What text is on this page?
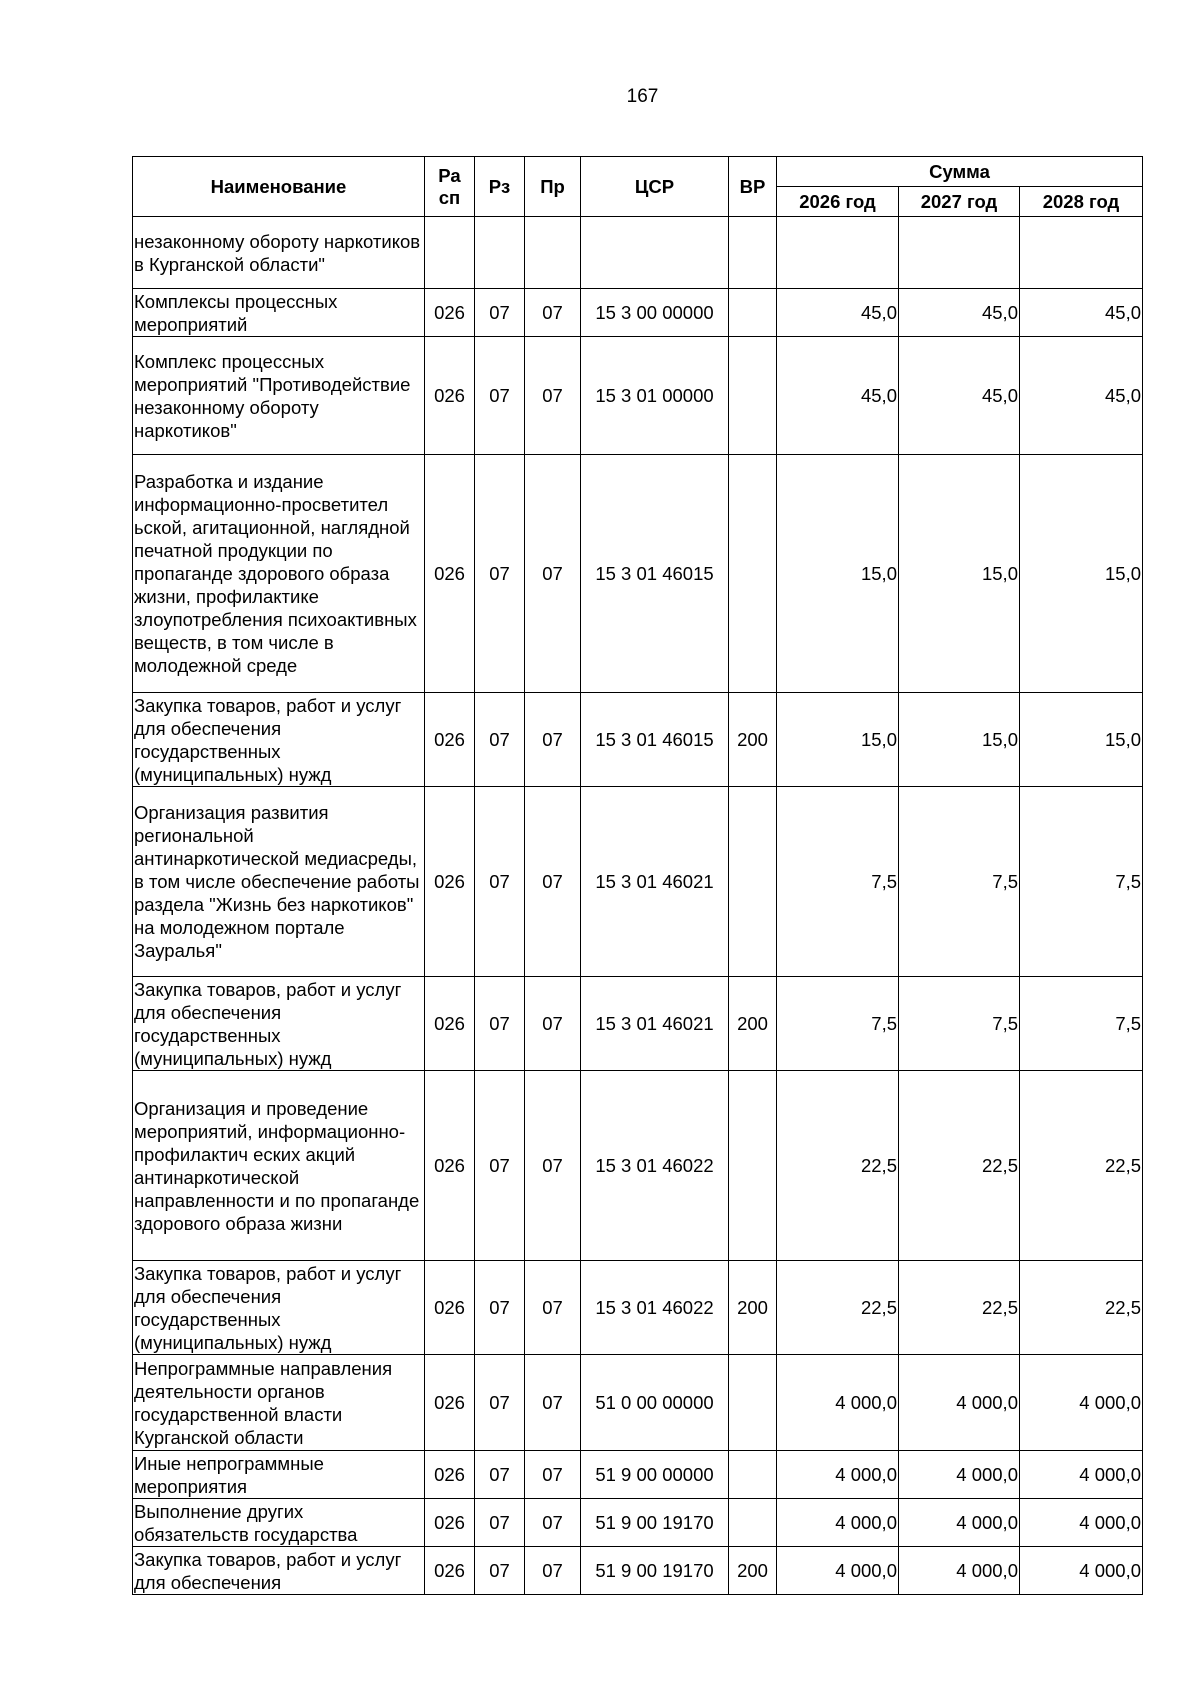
167
Наименование	Ра сп	Рз	Пр	ЦСР	ВР	Сумма		
						2026 год	2027 год	2028 год
незаконному обороту наркотиков в Курганской области"								
Комплексы процессных мероприятий	026	07	07	15 3 00 00000		45,0	45,0	45,0
Комплекс процессных мероприятий "Противодействие незаконному обороту наркотиков"	026	07	07	15 3 01 00000		45,0	45,0	45,0
Разработка и издание информационно-просветител ьской, агитационной, наглядной печатной продукции по пропаганде здорового образа жизни, профилактике злоупотребления психоактивных веществ, в том числе в молодежной среде	026	07	07	15 3 01 46015		15,0	15,0	15,0
Закупка товаров, работ и услуг для обеспечения государственных (муниципальных) нужд	026	07	07	15 3 01 46015	200	15,0	15,0	15,0
Организация развития региональной антинаркотической медиасреды, в том числе обеспечение работы раздела "Жизнь без наркотиков" на молодежном портале Зауралья"	026	07	07	15 3 01 46021		7,5	7,5	7,5
Закупка товаров, работ и услуг для обеспечения государственных (муниципальных) нужд	026	07	07	15 3 01 46021	200	7,5	7,5	7,5
Организация и проведение мероприятий, информационно-профилактич еских акций антинаркотической направленности и по пропаганде здорового образа жизни	026	07	07	15 3 01 46022		22,5	22,5	22,5
Закупка товаров, работ и услуг для обеспечения государственных (муниципальных) нужд	026	07	07	15 3 01 46022	200	22,5	22,5	22,5
Непрограммные направления деятельности органов государственной власти Курганской области	026	07	07	51 0 00 00000		4 000,0	4 000,0	4 000,0
Иные непрограммные мероприятия	026	07	07	51 9 00 00000		4 000,0	4 000,0	4 000,0
Выполнение других обязательств государства	026	07	07	51 9 00 19170		4 000,0	4 000,0	4 000,0
Закупка товаров, работ и услуг для обеспечения	026	07	07	51 9 00 19170	200	4 000,0	4 000,0	4 000,0
